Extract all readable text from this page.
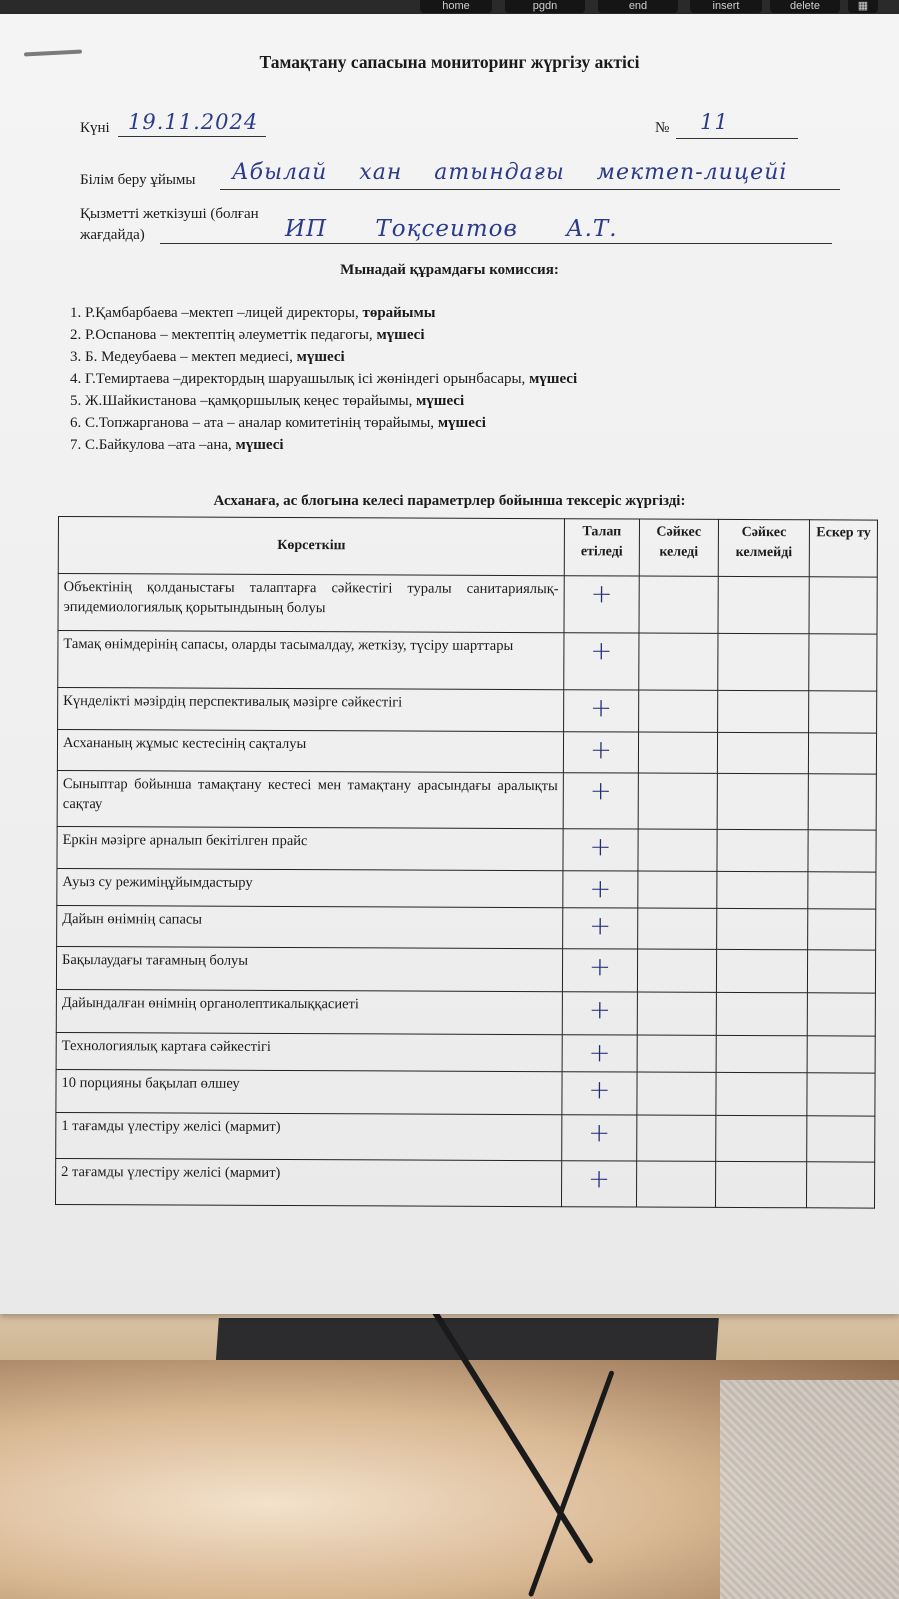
home	pgdn	end	insert	delete	▦
Тамақтану сапасына мониторинг жүргізу актісі
Күні 19.11.2024	№ 11
Білім беру ұйымы Абылай хан атындағы мектеп-лицейі
Қызметті жеткізуші (болған
жағдайда)	ИП Тоқсеитов А.Т.
Мынадай құрамдағы комиссия:
1. Р.Қамбарбаева –мектеп –лицей директоры, төрайымы
2. Р.Оспанова – мектептің әлеуметтік педагогы, мүшесі
3. Б. Медеубаева – мектеп медиесі, мүшесі
4. Г.Темиртаева –директордың шаруашылық ісі жөніндегі орынбасары, мүшесі
5. Ж.Шайкистанова –қамқоршылық кеңес төрайымы, мүшесі
6. С.Топжарганова – ата – аналар комитетінің төрайымы, мүшесі
7. С.Байкулова –ата –ана, мүшесі
Асханаға, ас блогына келесі параметрлер бойынша тексеріс жүргізді:
Көрсеткіш	Талап етіледі	Сәйкес келеді	Сәйкес келмейді	Ескер ту
Объектінің қолданыстағы талаптарға сәйкестігі туралы санитариялық-эпидемиологиялық қорытындының болуы	+			
Тамақ өнімдерінің сапасы, оларды тасымалдау, жеткізу, түсіру шарттары	+			
Күнделікті мәзірдің перспективалық мәзірге сәйкестігі	+			
Асхананың жұмыс кестесінің сақталуы	+			
Сыныптар бойынша тамақтану кестесі мен тамақтану арасындағы аралықты сақтау	+			
Еркін мәзірге арналып бекітілген прайс	+			
Ауыз су режиміңұйымдастыру	+			
Дайын өнімнің сапасы	+			
Бақылаудағы тағамның болуы	+			
Дайындалған өнімнің органолептикалыққасиеті	+			
Технологиялық картаға сәйкестігі	+			
10 порцияны бақылап өлшеу	+			
1 тағамды үлестіру желісі (мармит)	+			
2 тағамды үлестіру желісі (мармит)	+			
